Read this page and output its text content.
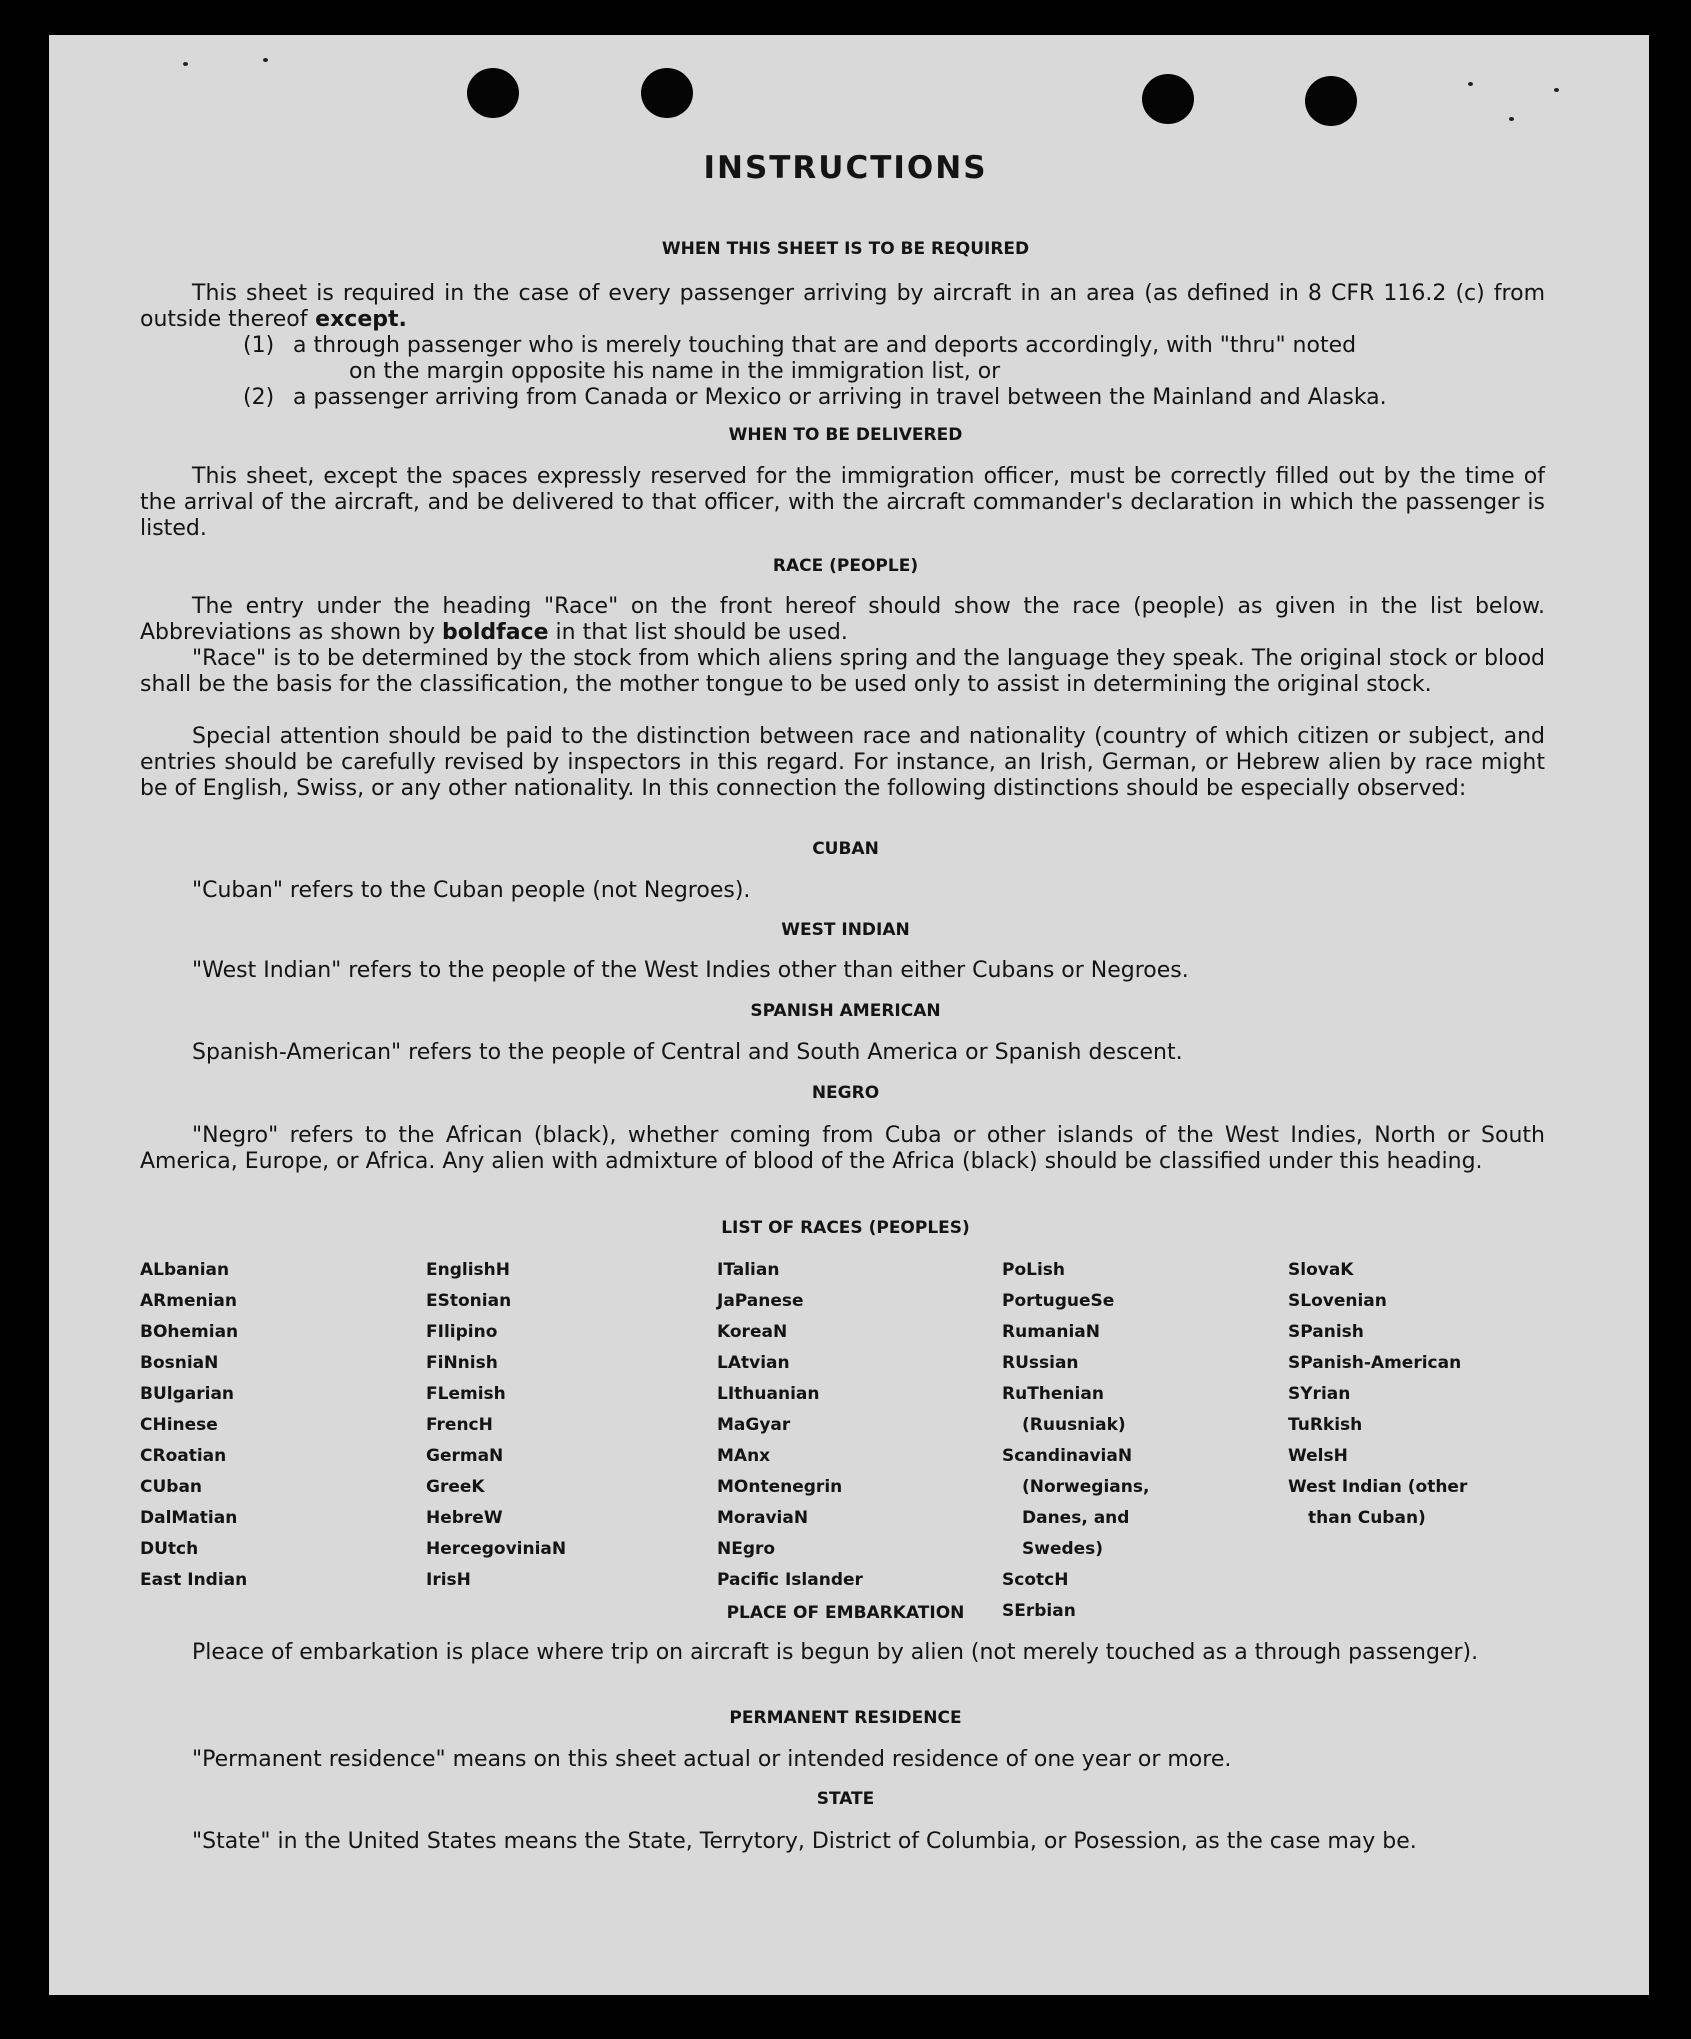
INSTRUCTIONS
WHEN THIS SHEET IS TO BE REQUIRED

This sheet is required in the case of every passenger arriving by aircraft in an area (as defined in 8 CFR 116.2 (c) from outside thereof except.

(1) a through passenger who is merely touching that are and deports accordingly, with "thru" noted
on the margin opposite his name in the immigration list, or

(2) a passenger arriving from Canada or Mexico or arriving in travel between the Mainland and Alaska.

WHEN TO BE DELIVERED

This sheet, except the spaces expressly reserved for the immigration officer, must be correctly filled out by the time of the arrival of the aircraft, and be delivered to that officer, with the aircraft commander's declaration in which the passenger is listed.

RACE (PEOPLE)

The entry under the heading "Race" on the front hereof should show the race (people) as given in the list below. Abbreviations as shown by boldface in that list should be used.

"Race" is to be determined by the stock from which aliens spring and the language they speak. The original stock or blood shall be the basis for the classification, the mother tongue to be used only to assist in determining the original stock.

Special attention should be paid to the distinction between race and nationality (country of which citizen or subject, and entries should be carefully revised by inspectors in this regard. For instance, an Irish, German, or Hebrew alien by race might be of English, Swiss, or any other nationality. In this connection the following distinctions should be especially observed:

CUBAN

"Cuban" refers to the Cuban people (not Negroes).

WEST INDIAN

"West Indian" refers to the people of the West Indies other than either Cubans or Negroes.

SPANISH AMERICAN

Spanish-American" refers to the people of Central and South America or Spanish descent.

NEGRO

"Negro" refers to the African (black), whether coming from Cuba or other islands of the West Indies, North or South America, Europe, or Africa. Any alien with admixture of blood of the Africa (black) should be classified under this heading.

LIST OF RACES (PEOPLES)
ALbanian
ARmenian
BOhemian
BosniaN
BUlgarian
CHinese
CRoatian
CUban
DalMatian
DUtch
East Indian
EnglishH
EStonian
FIlipino
FiNnish
FLemish
FrencH
GermaN
GreeK
HebreW
HercegoviniaN
IrisH
ITalian
JaPanese
KoreaN
LAtvian
LIthuanian
MaGyar
MAnx
MOntenegrin
MoraviaN
NEgro
Pacific Islander
PoLish
PortugueSe
RumaniaN
RUssian
RuThenian (Ruusniak)
ScandinaviaN (Norwegians, Danes, and Swedes)
ScotcH
SErbian
SlovaK
SLovenian
SPanish
SPanish-American
SYrian
TuRkish
WelsH
West Indian (other than Cuban)
PLACE OF EMBARKATION

Pleace of embarkation is place where trip on aircraft is begun by alien (not merely touched as a through passenger).

PERMANENT RESIDENCE

"Permanent residence" means on this sheet actual or intended residence of one year or more.

STATE

"State" in the United States means the State, Terrytory, District of Columbia, or Posession, as the case may be.
